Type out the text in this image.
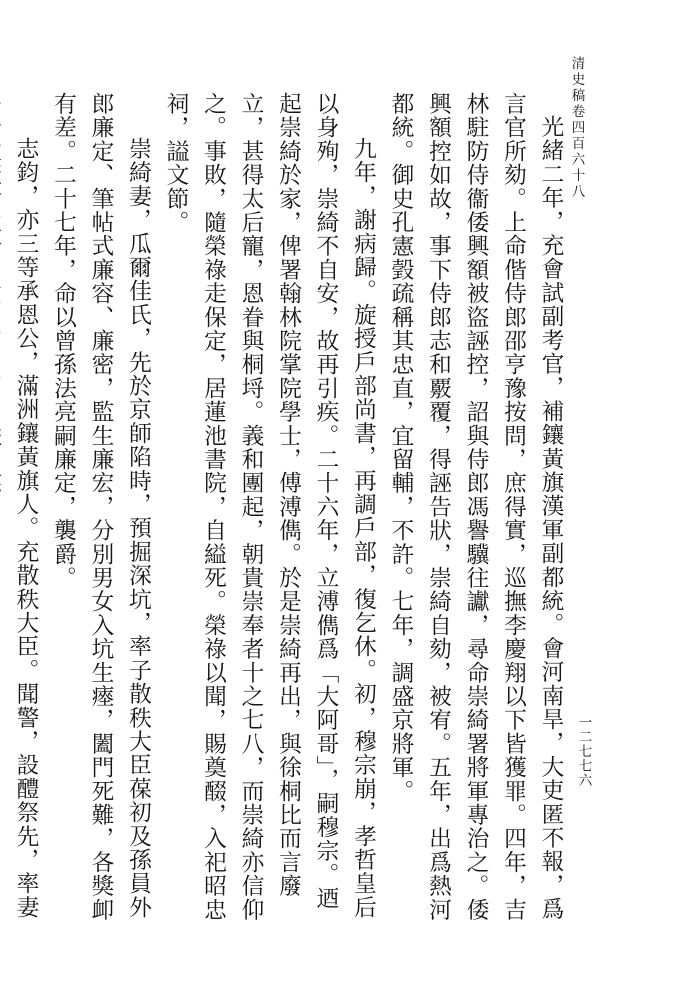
清史稿卷四百六十八
一二七七六

光緒二年，充會試副考官，補鑲黃旗漢軍副都統。會河南旱，大吏匿不報，爲言官所劾。上命偕侍郎邵亨豫按問，庶得實，巡撫李慶翔以下皆獲罪。四年，吉林駐防侍衞倭興額被盜誣控，詔與侍郎馮譽驥往讞，尋命崇綺署將軍專治之。倭興額控如故，事下侍郎志和覈覆，得誣告狀，崇綺自劾，被宥。五年，出爲熱河都統。御史孔憲瑴疏稱其忠直，宜留輔，不許。七年，調盛京將軍。

九年，謝病歸。旋授戶部尚書，再調戶部，復乞休。初，穆宗崩，孝哲皇后以身殉，崇綺不自安，故再引疾。二十六年，立溥儁爲「大阿哥」，嗣穆宗。迺起崇綺於家，俾署翰林院掌院學士，傅溥儁。於是崇綺再出，與徐桐比而言廢立，甚得太后寵，恩眷與桐埒。義和團起，朝貴崇奉者十之七八，而崇綺亦信仰之。事敗，隨榮祿走保定，居蓮池書院，自縊死。榮祿以聞，賜奠醊，入祀昭忠祠，謚文節。

崇綺妻，瓜爾佳氏，先於京師陷時，預掘深坑，率子散秩大臣葆初及孫員外郎廉定、筆帖式廉容、廉密，監生廉宏，分別男女入坑生瘞，闔門死難，各獎卹有差。二十七年，命以曾孫法亮嗣廉定，襲爵。

志鈞，亦三等承恩公，滿洲鑲黃旗人。充散秩大臣。聞警，設醴祭先，率妻
